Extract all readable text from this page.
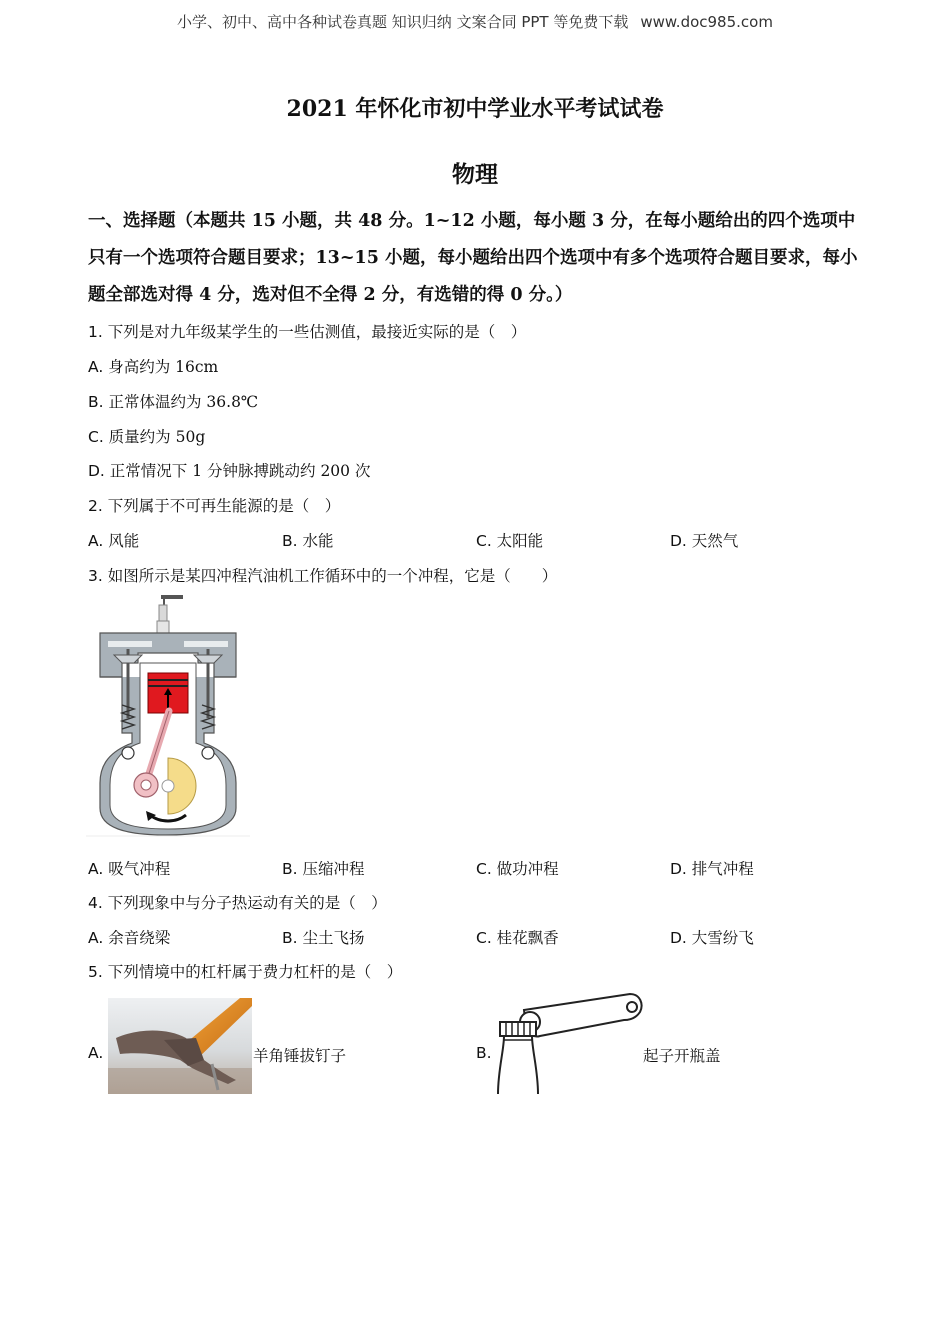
小学、初中、高中各种试卷真题 知识归纳 文案合同 PPT 等免费下载 www.doc985.com
2021 年怀化市初中学业水平考试试卷
物理
一、选择题（本题共 15 小题，共 48 分。1~12 小题，每小题 3 分，在每小题给出的四个选项中只有一个选项符合题目要求；13~15 小题，每小题给出四个选项中有多个选项符合题目要求，每小题全部选对得 4 分，选对但不全得 2 分，有选错的得 0 分。）
1. 下列是对九年级某学生的一些估测值，最接近实际的是（　）
A. 身高约为 16cm
B. 正常体温约为 36.8℃
C. 质量约为 50g
D. 正常情况下 1 分钟脉搏跳动约 200 次
2. 下列属于不可再生能源的是（　）
A. 风能	B. 水能	C. 太阳能	D. 天然气
3. 如图所示是某四冲程汽油机工作循环中的一个冲程，它是（　　）
A. 吸气冲程	B. 压缩冲程	C. 做功冲程	D. 排气冲程
4. 下列现象中与分子热运动有关的是（　）
A. 余音绕梁	B. 尘土飞扬	C. 桂花飘香	D. 大雪纷飞
5. 下列情境中的杠杆属于费力杠杆的是（　）
A.	羊角锤拔钉子	B.	起子开瓶盖
